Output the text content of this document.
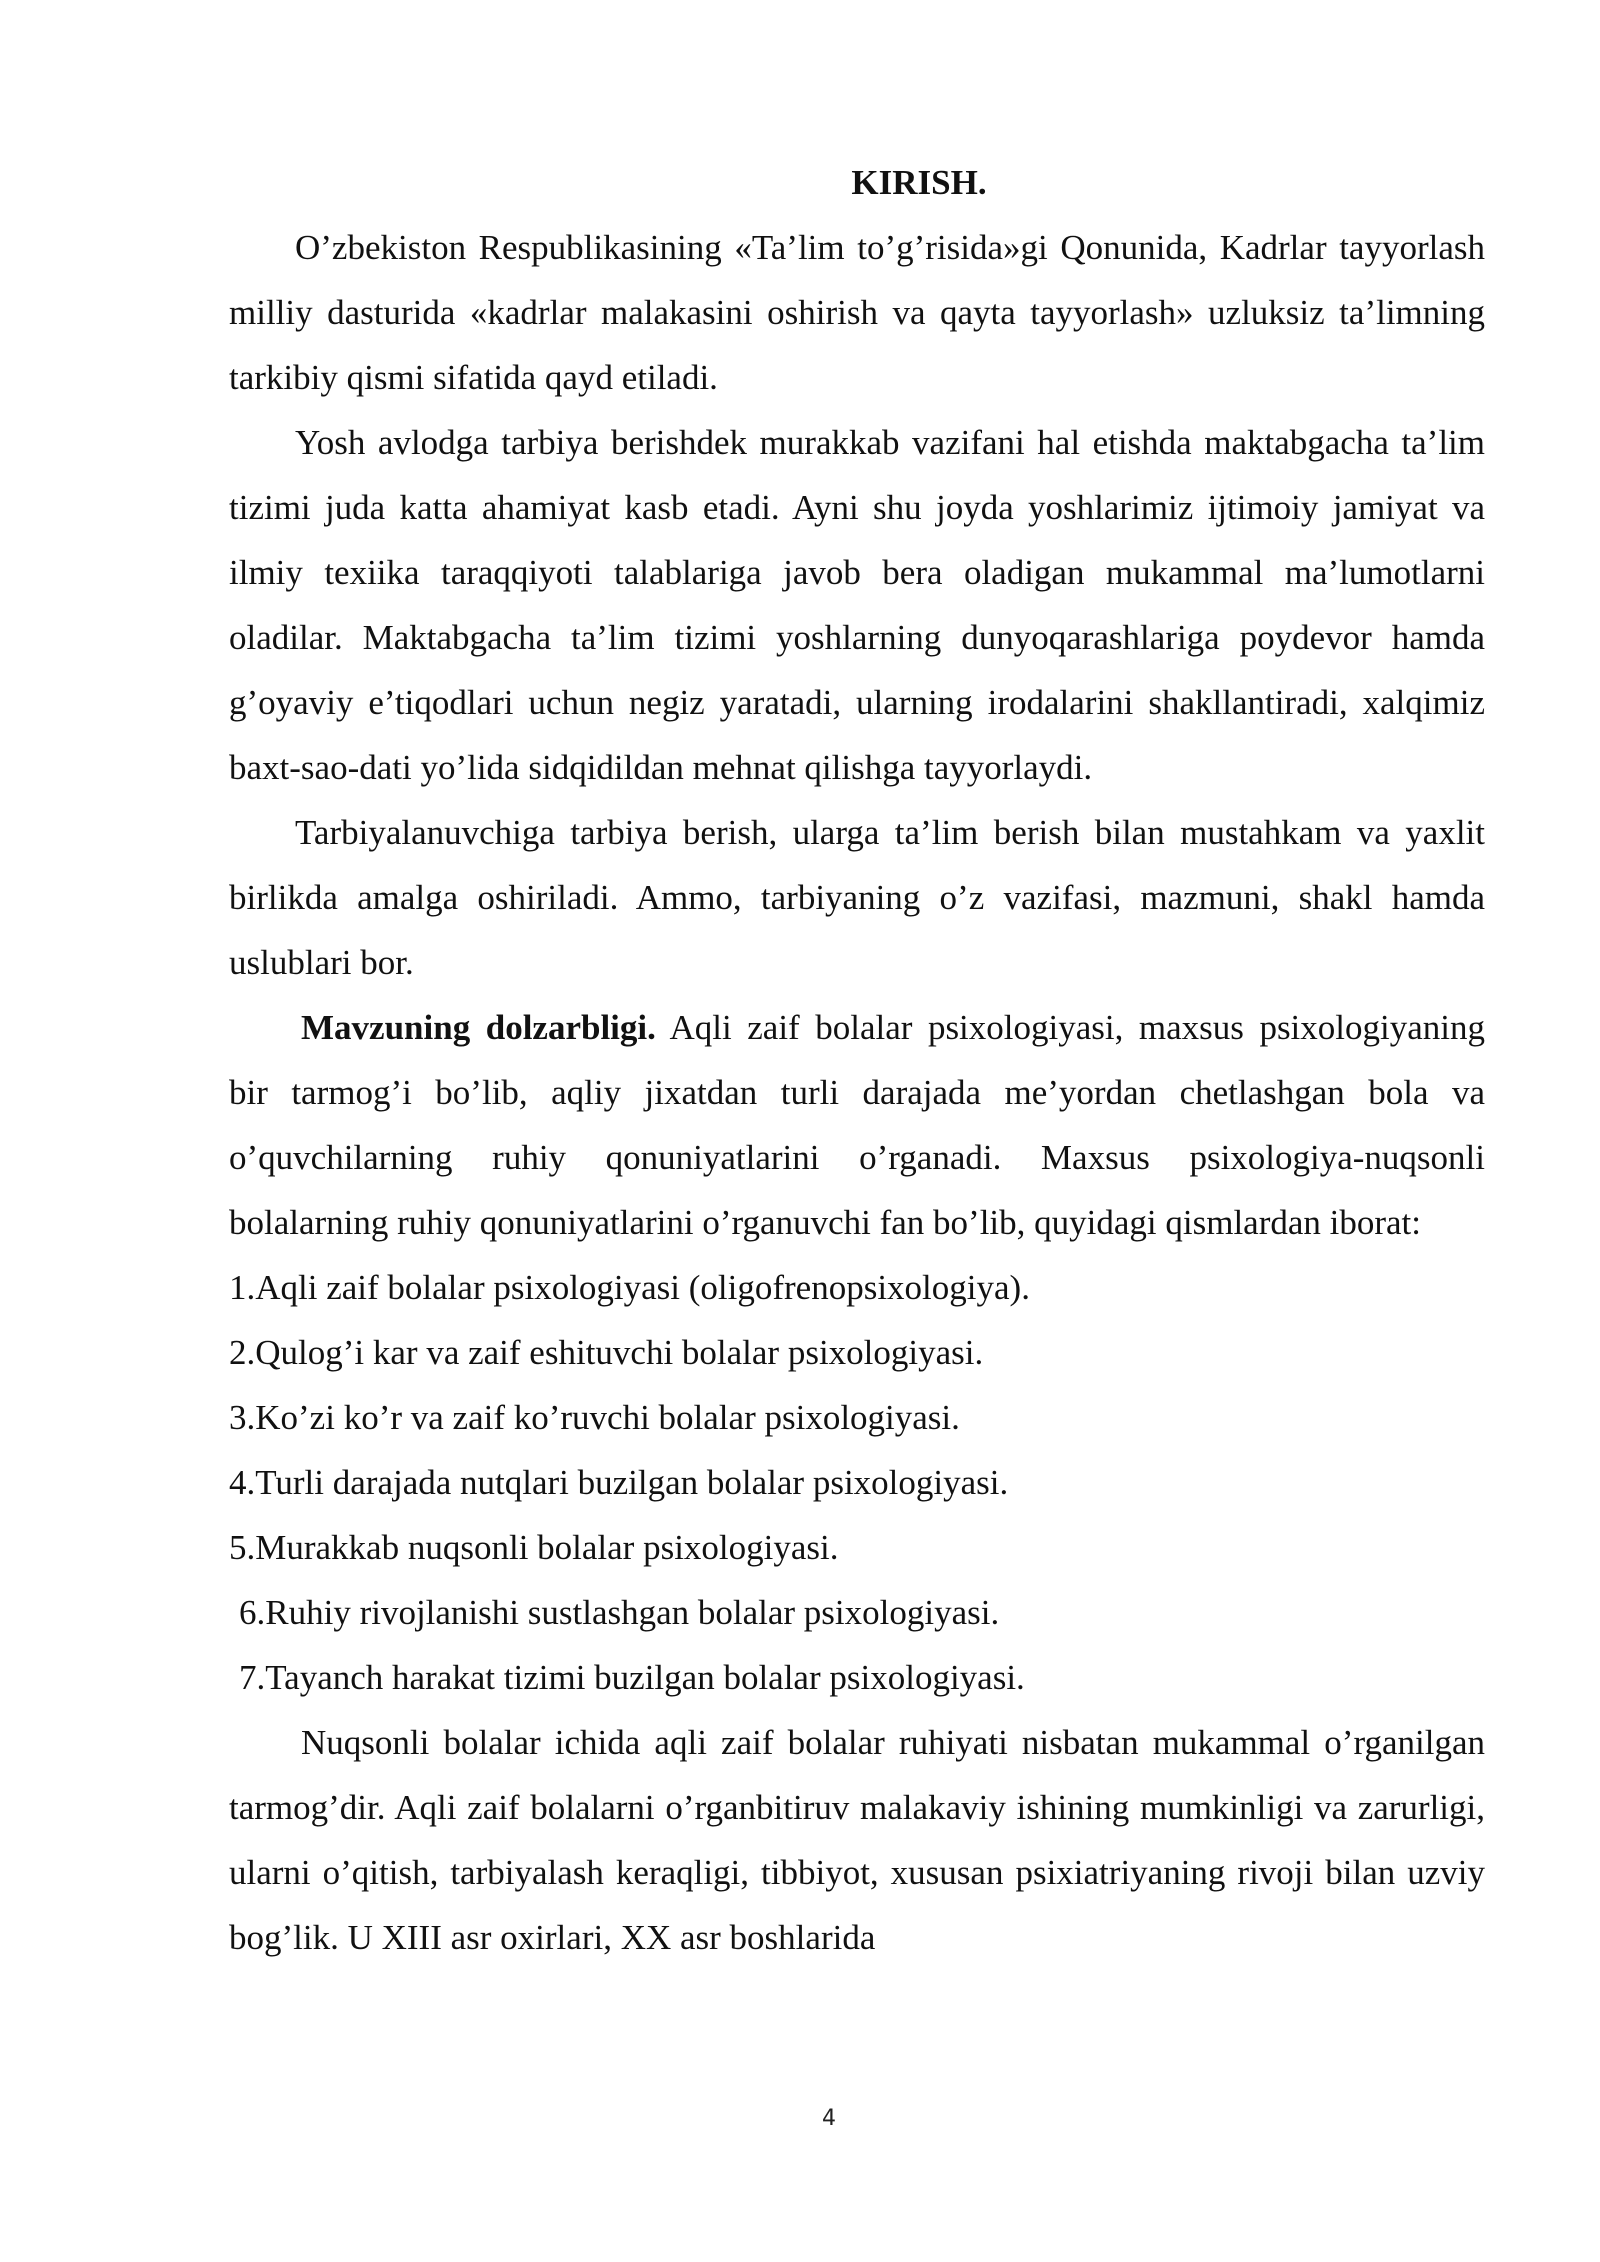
KIRISH.

O’zbekiston Respublikasining «Ta’lim to’g’risida»gi Qonunida, Kadrlar tayyorlash milliy dasturida «kadrlar malakasini oshirish va qayta tayyorlash» uzluksiz ta’limning tarkibiy qismi sifatida qayd etiladi.

Yosh avlodga tarbiya berishdek murakkab vazifani hal etishda maktabgacha ta’lim tizimi juda katta ahamiyat kasb etadi. Ayni shu joyda yoshlarimiz ijtimoiy jamiyat va ilmiy texiika taraqqiyoti talablariga javob bera oladigan mukammal ma’lumotlarni oladilar. Maktabgacha ta’lim tizimi yoshlarning dunyoqarashlariga poydevor hamda g’oyaviy e’tiqodlari uchun negiz yaratadi, ularning irodalarini shakllantiradi, xalqimiz baxt-sao-dati yo’lida sidqidildan mehnat qilishga tayyorlaydi.

Tarbiyalanuvchiga tarbiya berish, ularga ta’lim berish bilan mustahkam va yaxlit birlikda amalga oshiriladi. Ammo, tarbiyaning o’z vazifasi, mazmuni, shakl hamda uslublari bor.

Mavzuning dolzarbligi. Aqli zaif bolalar psixologiyasi, maxsus psixologiyaning bir tarmog’i bo’lib, aqliy jixatdan turli darajada me’yordan chetlashgan bola va o’quvchilarning ruhiy qonuniyatlarini o’rganadi. Maxsus psixologiya-nuqsonli bolalarning ruhiy qonuniyatlarini o’rganuvchi fan bo’lib, quyidagi qismlardan iborat:

1.Aqli zaif bolalar psixologiyasi (oligofrenopsixologiya).
2.Qulog’i kar va zaif eshituvchi bolalar psixologiyasi.
3.Ko’zi ko’r va zaif ko’ruvchi bolalar psixologiyasi.
4.Turli darajada nutqlari buzilgan bolalar psixologiyasi.
5.Murakkab nuqsonli bolalar psixologiyasi.
6.Ruhiy rivojlanishi sustlashgan bolalar psixologiyasi.
7.Tayanch harakat tizimi buzilgan bolalar psixologiyasi.

Nuqsonli bolalar ichida aqli zaif bolalar ruhiyati nisbatan mukammal o’rganilgan tarmog’dir. Aqli zaif bolalarni o’rganbitiruv malakaviy ishining mumkinligi va zarurligi, ularni o’qitish, tarbiyalash keraqligi, tibbiyot, xususan psixiatriyaning rivoji bilan uzviy bog’lik. U XIII asr oxirlari, XX asr boshlarida

4
